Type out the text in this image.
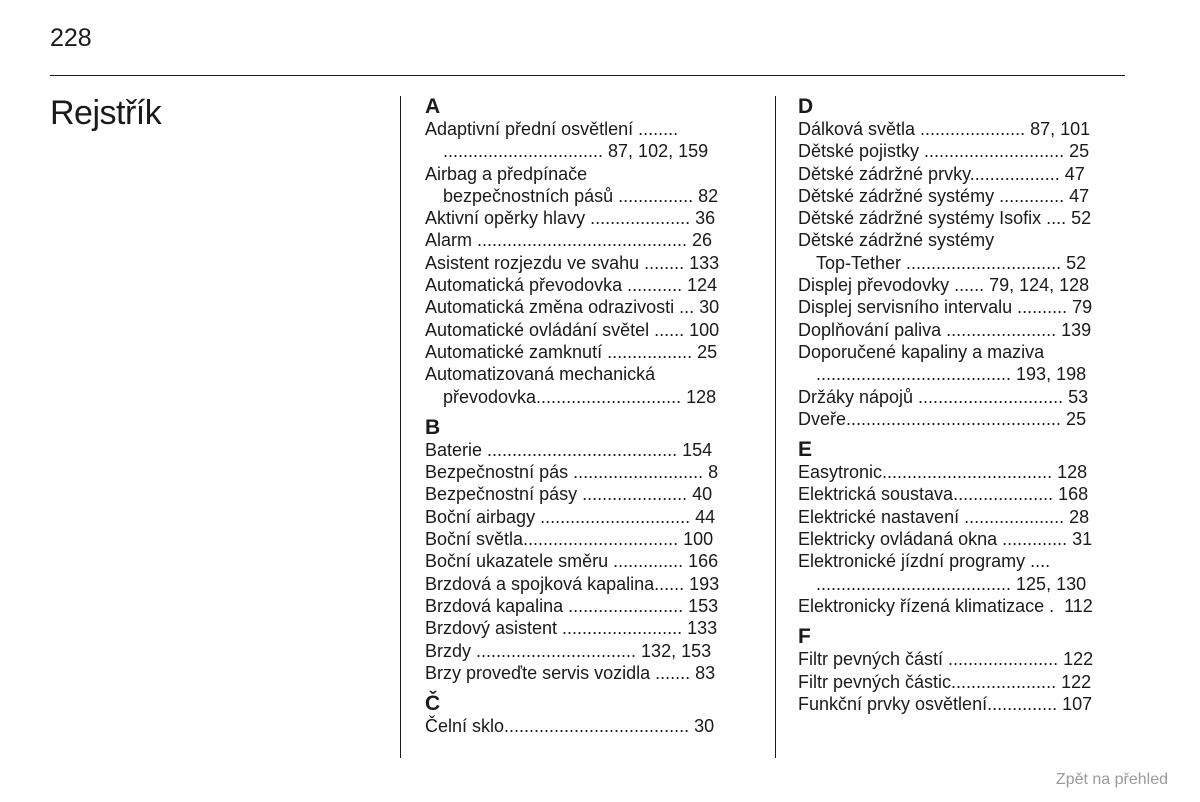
228
Rejstřík	A
Adaptivní přední osvětlení ........
................................ 87, 102, 159
Airbag a předpínače
bezpečnostních pásů ............... 82
Aktivní opěrky hlavy .................... 36
Alarm .......................................... 26
Asistent rozjezdu ve svahu ........ 133
Automatická převodovka ........... 124
Automatická změna odrazivosti ... 30
Automatické ovládání světel ...... 100
Automatické zamknutí ................. 25
Automatizovaná mechanická
převodovka............................. 128
B
Baterie ...................................... 154
Bezpečnostní pás .......................... 8
Bezpečnostní pásy ..................... 40
Boční airbagy .............................. 44
Boční světla............................... 100
Boční ukazatele směru .............. 166
Brzdová a spojková kapalina...... 193
Brzdová kapalina ....................... 153
Brzdový asistent ........................ 133
Brzdy ................................ 132, 153
Brzy proveďte servis vozidla ....... 83
Č
Čelní sklo..................................... 30
D
Dálková světla ..................... 87, 101
Dětské pojistky ............................ 25
Dětské zádržné prvky.................. 47
Dětské zádržné systémy ............. 47
Dětské zádržné systémy Isofix .... 52
Dětské zádržné systémy
Top-Tether ............................... 52
Displej převodovky ...... 79, 124, 128
Displej servisního intervalu .......... 79
Doplňování paliva ...................... 139
Doporučené kapaliny a maziva
....................................... 193, 198
Držáky nápojů ............................. 53
Dveře........................................... 25
E
Easytronic.................................. 128
Elektrická soustava.................... 168
Elektrické nastavení .................... 28
Elektricky ovládaná okna ............. 31
Elektronické jízdní programy ....
....................................... 125, 130
Elektronicky řízená klimatizace .  112
F
Filtr pevných částí ...................... 122
Filtr pevných částic..................... 122
Funkční prvky osvětlení.............. 107
Zpět na přehled
